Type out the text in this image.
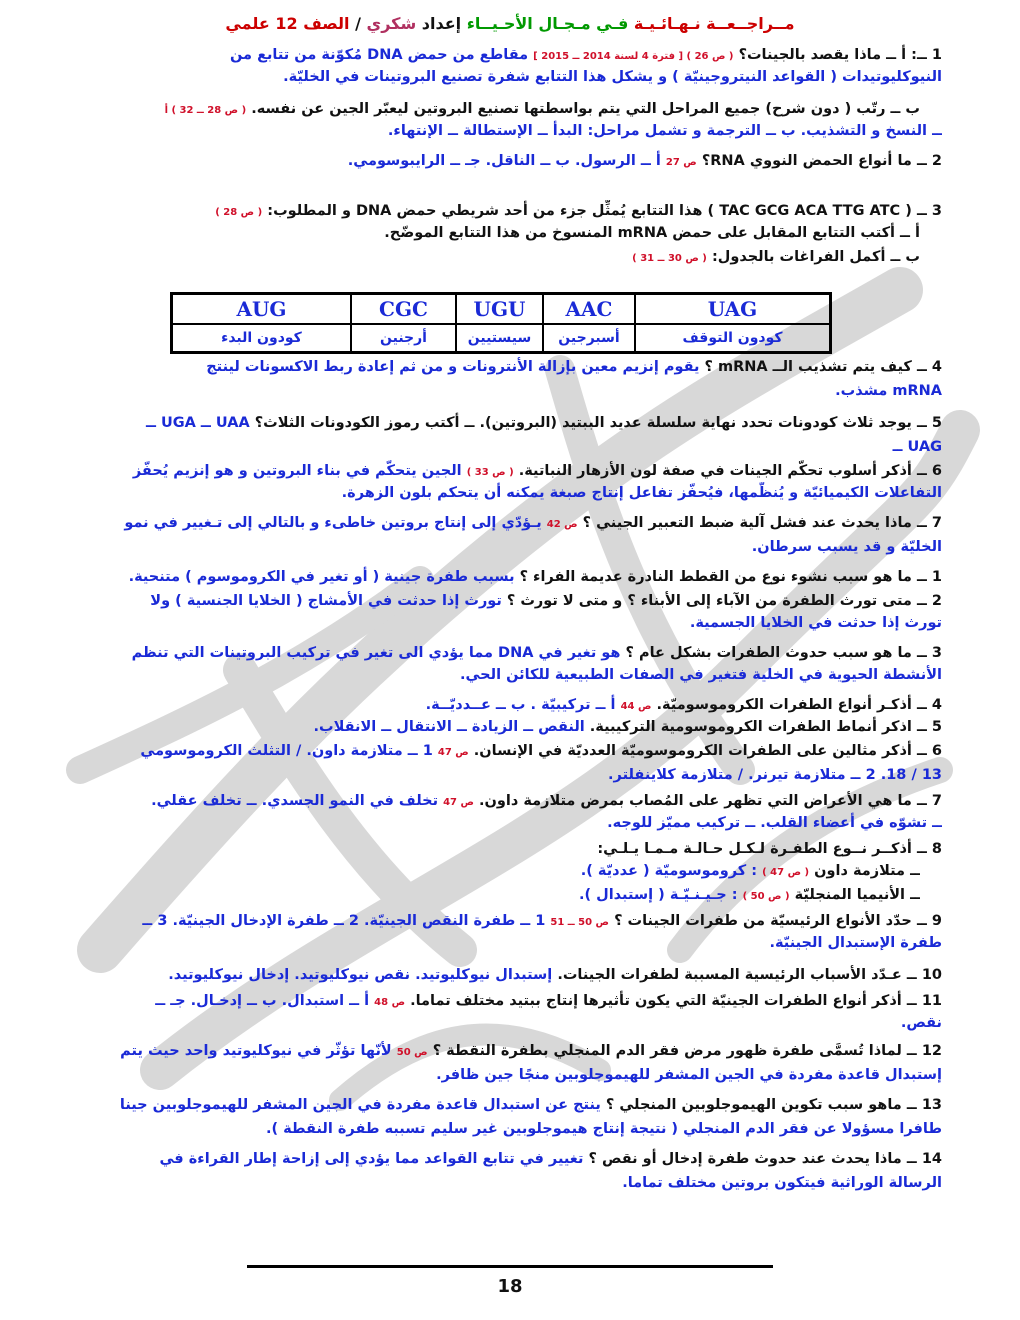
مــراجــعــة نـهـائـيـة فـي مـجـال الأحـيــاء إعداد شكري / الصف 12 علمي
1 ــ: أ ــ ماذا يقصد بالجينات؟ ( ص 26 ) [ فترة 4 لسنة 2014 ــ 2015 ] مقاطع من حمض DNA مُكوّنة من تتابع من
النيوكليوتيدات ( القواعد النيتروجينيّة ) و يشكل هذا التتابع شفرة تصنيع البروتينات في الخليّة.
ب ــ رتّب ( دون شرح) جميع المراحل التي يتم بواسطتها تصنيع البروتين ليعبّر الجين عن نفسه. ( ص 28 ــ 32 ) أ
ــ النسخ و التشذيب. ب ــ الترجمة و تشمل مراحل: البدأ ــ الإستطالة ــ الإنتهاء.
2 ــ ما أنواع الحمض النووي RNA؟ ص 27 أ ــ الرسول. ب ــ الناقل. جـ ــ الرايبوسومي.
3 ــ ( TAC GCG ACA TTG ATC ) هذا التتابع يُمثِّل جزء من أحد شريطي حمض DNA و المطلوب: ( ص 28 )
أ ــ أكتب التتابع المقابل على حمض mRNA المنسوخ من هذا التتابع الموضّح.
ب ــ أكمل الفراغات بالجدول: ( ص 30 ــ 31 )
4 ــ كيف يتم تشذيب الــ mRNA ؟ يقوم إنزيم معين بإزالة الأنترونات و من ثم إعادة ربط الاكسونات لينتج
mRNA مشذب.
5 ــ يوجد ثلاث كودونات تحدد نهاية سلسلة عديد الببتيد (البروتين). ــ أكتب رموز الكودونات الثلاث؟ UAA ــ UGA ــ
UAG ــ
6 ــ أذكر أسلوب تحكّم الجينات في صفة لون الأزهار النباتية. ( ص 33 ) الجين يتحكّم في بناء البروتين و هو إنزيم يُحفّز
التفاعلات الكيميائيّة و يُنظّمها، فيُحفّز تفاعل إنتاج صبغة يمكنه أن يتحكم بلون الزهرة.
7 ــ ماذا يحدث عند فشل آلية ضبط التعبير الجيني ؟ ص 42 يـؤدّي إلى إنتاج بروتين خاطىء و بالتالي إلى تـغيير في نمو
الخليّة و قد يسبب سرطان.
1 ــ ما هو سبب نشوء نوع من القطط النادرة عديمة الفراء ؟ بسبب طفرة جينية ( أو تغير في الكروموسوم ) متنحية.
2 ــ متى تورث الطفرة من الآباء إلى الأبناء ؟ و متى لا تورث ؟ تورث إذا حدثت في الأمشاج ( الخلايا الجنسية ) ولا
تورث إذا حدثت في الخلايا الجسمية.
3 ــ ما هو سبب حدوث الطفرات بشكل عام ؟ هو تغير في DNA مما يؤدي الى تغير في تركيب البروتينات التي تنظم
الأنشطة الحيوية في الخلية فتغير في الصفات الطبيعية للكائن الحي.
4 ــ أذكـر أنواع الطفرات الكروموسوميّة. ص 44 أ ــ تركيبيّة . ب ــ عــدديّــة.
5 ــ اذكر أنماط الطفرات الكروموسومية التركيبية. النقص ــ الزيادة ــ الانتقال ــ الانقلاب.
6 ــ أذكر مثالين على الطفرات الكروموسوميّة العدديّة في الإنسان. ص 47 1 ــ متلازمة داون. / التثلث الكروموسومي
13 / 18. 2 ــ متلازمة تيرنر. / متلازمة كلاينفلتر.
7 ــ ما هي الأعراض التي تظهر على المُصاب بمرض متلازمة داون. ص 47 تخلف في النمو الجسدي. ــ تخلف عقلي.
ــ تشوّه في أعضاء القلب. ــ تركيب مميّز للوجه.
8 ــ أذكــر نــوع الطفـرة لـكـل حـالـة مـمـا يـلـي:
ــ متلازمة داون ( ص 47 ) : كروموسوميّة ( عدديّة ).
ــ الأنيميا المنجليّة ( ص 50 ) : جـيـنـيّـة ( إستبدال ).
9 ــ حدّد الأنواع الرئيسيّة من طفرات الجينات ؟ ص 50 ــ 51 1 ــ طفرة النقص الجينيّة. 2 ــ طفرة الإدخال الجينيّة. 3 ــ
طفرة الإستبدال الجينيّة.
10 ــ عـدّد الأسباب الرئيسية المسببة لطفرات الجينات. إستبدال نيوكليوتيد. نقص نيوكليوتيد. إدخال نيوكليوتيد.
11 ــ أذكر أنواع الطفرات الجينيّة التي يكون تأثيرها إنتاج ببتيد مختلف تماما. ص 48 أ ــ استبدال. ب ــ إدخـال. جـ ــ
نقص.
12 ــ لماذا تُسمَّى طفرة ظهور مرض فقر الدم المنجلي بطفرة النقطة ؟ ص 50 لأنّها تؤثّر في نيوكليوتيد واحد حيث يتم
إستبدال قاعدة مفردة في الجين المشفر للهيموجلوبين منجًا جين ظافر.
13 ــ ماهو سبب تكوين الهيموجلوبين المنجلي ؟ ينتج عن استبدال قاعدة مفردة في الجين المشفر للهيموجلوبين جينا
طافرا مسؤولا عن فقر الدم المنجلي ( نتيجة إنتاج هيموجلوبين غير سليم تسببه طفرة النقطة ).
14 ــ ماذا يحدث عند حدوث طفرة إدخال أو نقص ؟ تغيير في تتابع القواعد مما يؤدي إلى إزاحة إطار القراءة في
الرسالة الوراثية فيتكون بروتين مختلف تماما.
AUG	CGC	UGU	AAC	UAG
كودون البدء	أرجنين	سيستيين	أسبرجين	كودون التوقف
18
